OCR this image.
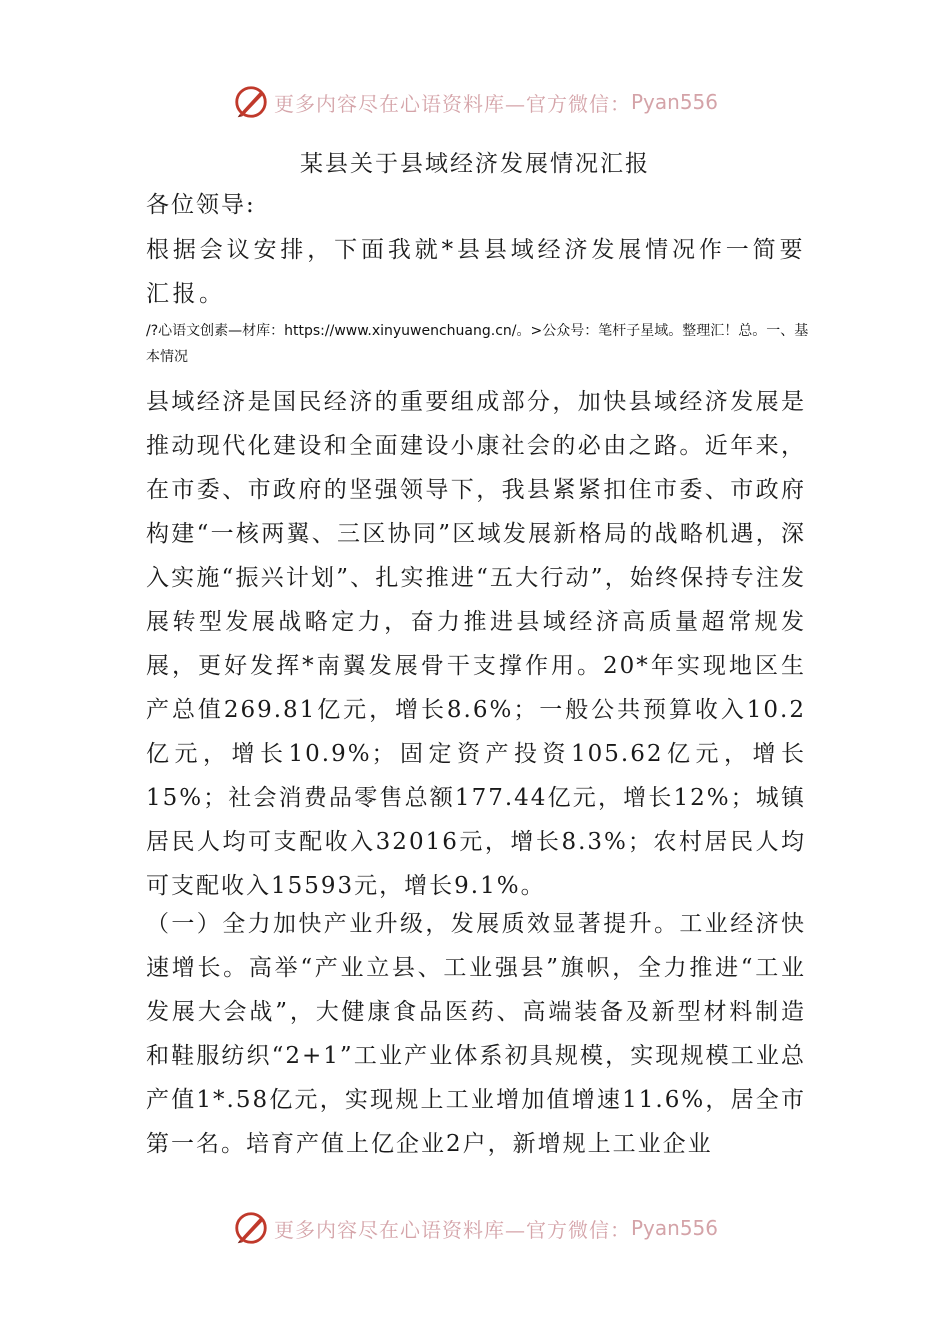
更多内容尽在心语资料库—官方微信： Pyan556
某县关于县域经济发展情况汇报
各位领导:

根据会议安排，下面我就*县县域经济发展情况作一简要汇报。

/?心语文创素—材库：https://www.xinyuwenchuang.cn/。>公众号：笔杆子星域。整理汇！总。一、基本情况

县域经济是国民经济的重要组成部分，加快县域经济发展是推动现代化建设和全面建设小康社会的必由之路。近年来，在市委、市政府的坚强领导下，我县紧紧扣住市委、市政府构建“一核两翼、三区协同”区域发展新格局的战略机遇，深入实施“振兴计划”、扎实推进“五大行动”，始终保持专注发展转型发展战略定力，奋力推进县域经济高质量超常规发展，更好发挥*南翼发展骨干支撑作用。20*年实现地区生产总值269.81亿元，增长8.6%；一般公共预算收入10.2亿元，增长10.9%；固定资产投资105.62亿元，增长15%；社会消费品零售总额177.44亿元，增长12%；城镇居民人均可支配收入32016元，增长8.3%；农村居民人均可支配收入15593元，增长9.1%。

（一）全力加快产业升级，发展质效显著提升。工业经济快速增长。高举“产业立县、工业强县”旗帜，全力推进“工业发展大会战”，大健康食品医药、高端装备及新型材料制造和鞋服纺织“2+1”工业产业体系初具规模，实现规模工业总产值1*.58亿元，实现规上工业增加值增速11.6%，居全市第一名。培育产值上亿企业2户，新增规上工业企业

更多内容尽在心语资料库—官方微信： Pyan556
